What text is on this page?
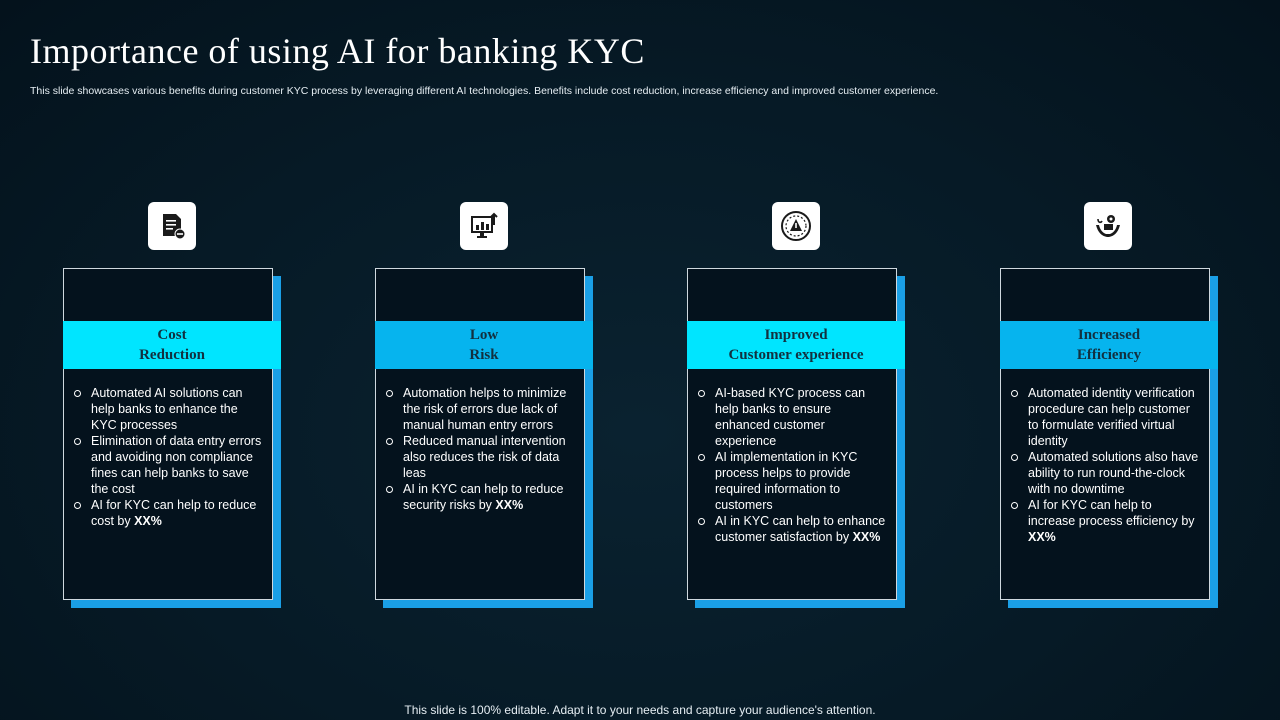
Importance of using AI for banking KYC
This slide showcases various benefits during customer KYC process by leveraging different AI technologies. Benefits include cost reduction, increase efficiency and improved customer experience.
Cost
Reduction
Automated AI solutions can help banks to enhance the KYC processes
Elimination of data entry errors and avoiding non compliance fines can help banks to save the cost
AI for KYC can help to reduce cost by XX%
Low
Risk
Automation helps to minimize the risk of errors due lack of manual human entry errors
Reduced manual intervention also reduces the risk of data leas
AI in KYC can help to reduce security risks by XX%
Improved
Customer experience
AI-based KYC process can help banks to ensure enhanced customer experience
AI implementation in KYC process helps to provide required information to customers
AI in KYC can help to enhance customer satisfaction by XX%
Increased
Efficiency
Automated identity verification procedure can help customer to formulate verified virtual identity
Automated solutions also have ability to run round-the-clock with no downtime
AI for KYC can help to increase process efficiency by XX%
This slide is 100% editable. Adapt it to your needs and capture your audience's attention.
